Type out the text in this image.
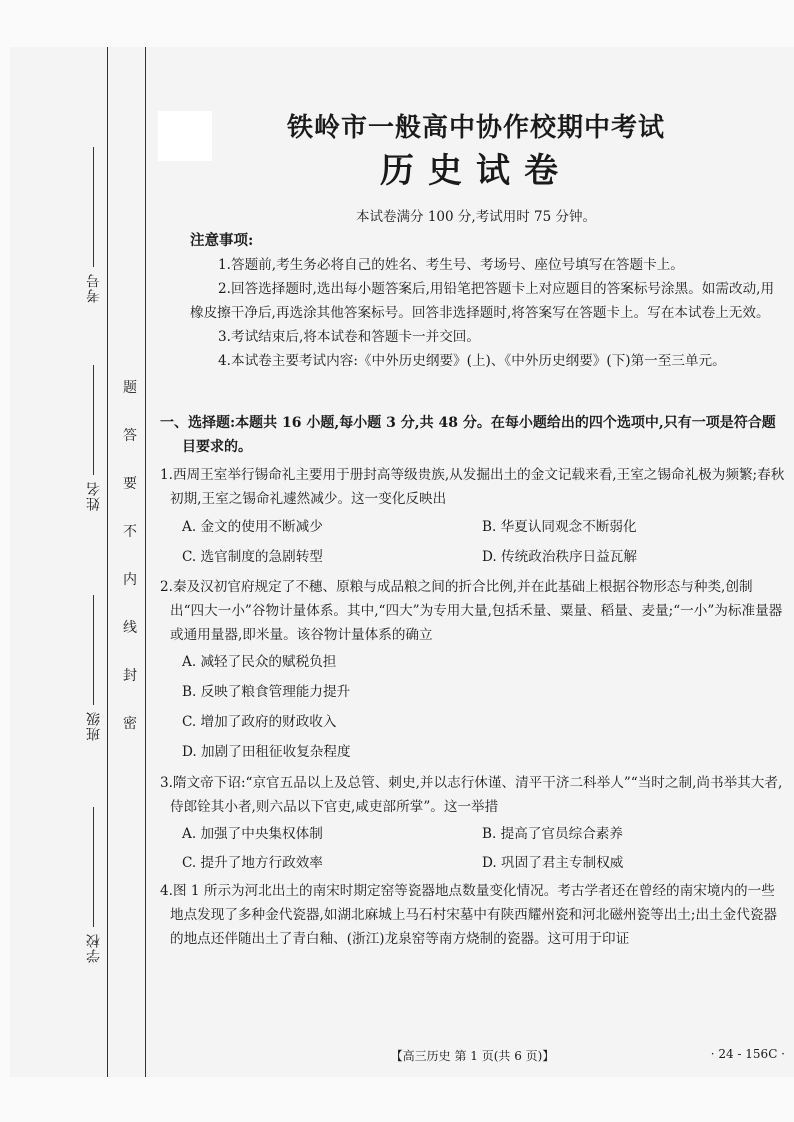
考号
姓名
班级
学校
题
答
要
不
内
线
封
密
铁岭市一般高中协作校期中考试
历史试卷
本试卷满分 100 分,考试用时 75 分钟。
注意事项:
1.答题前,考生务必将自己的姓名、考生号、考场号、座位号填写在答题卡上。
2.回答选择题时,选出每小题答案后,用铅笔把答题卡上对应题目的答案标号涂黑。如需改动,用橡皮擦干净后,再选涂其他答案标号。回答非选择题时,将答案写在答题卡上。写在本试卷上无效。
3.考试结束后,将本试卷和答题卡一并交回。
4.本试卷主要考试内容:《中外历史纲要》(上)、《中外历史纲要》(下)第一至三单元。
一、选择题:本题共 16 小题,每小题 3 分,共 48 分。在每小题给出的四个选项中,只有一项是符合题目要求的。
1.西周王室举行锡命礼主要用于册封高等级贵族,从发掘出土的金文记载来看,王室之锡命礼极为频繁;春秋初期,王室之锡命礼遽然减少。这一变化反映出
A. 金文的使用不断减少	B. 华夏认同观念不断弱化
C. 选官制度的急剧转型	D. 传统政治秩序日益瓦解
2.秦及汉初官府规定了不穗、原粮与成品粮之间的折合比例,并在此基础上根据谷物形态与种类,创制出“四大一小”谷物计量体系。其中,“四大”为专用大量,包括禾量、粟量、稻量、麦量;“一小”为标准量器或通用量器,即米量。该谷物计量体系的确立
A. 减轻了民众的赋税负担
B. 反映了粮食管理能力提升
C. 增加了政府的财政收入
D. 加剧了田租征收复杂程度
3.隋文帝下诏:“京官五品以上及总管、刺史,并以志行休谨、清平干济二科举人”“当时之制,尚书举其大者,侍郎铨其小者,则六品以下官吏,咸吏部所掌”。这一举措
A. 加强了中央集权体制	B. 提高了官员综合素养
C. 提升了地方行政效率	D. 巩固了君主专制权威
4.图 1 所示为河北出土的南宋时期定窑等瓷器地点数量变化情况。考古学者还在曾经的南宋境内的一些地点发现了多种金代瓷器,如湖北麻城上马石村宋墓中有陕西耀州瓷和河北磁州瓷等出土;出土金代瓷器的地点还伴随出土了青白釉、(浙江)龙泉窑等南方烧制的瓷器。这可用于印证
【高三历史 第 1 页(共 6 页)】	· 24 - 156C ·
